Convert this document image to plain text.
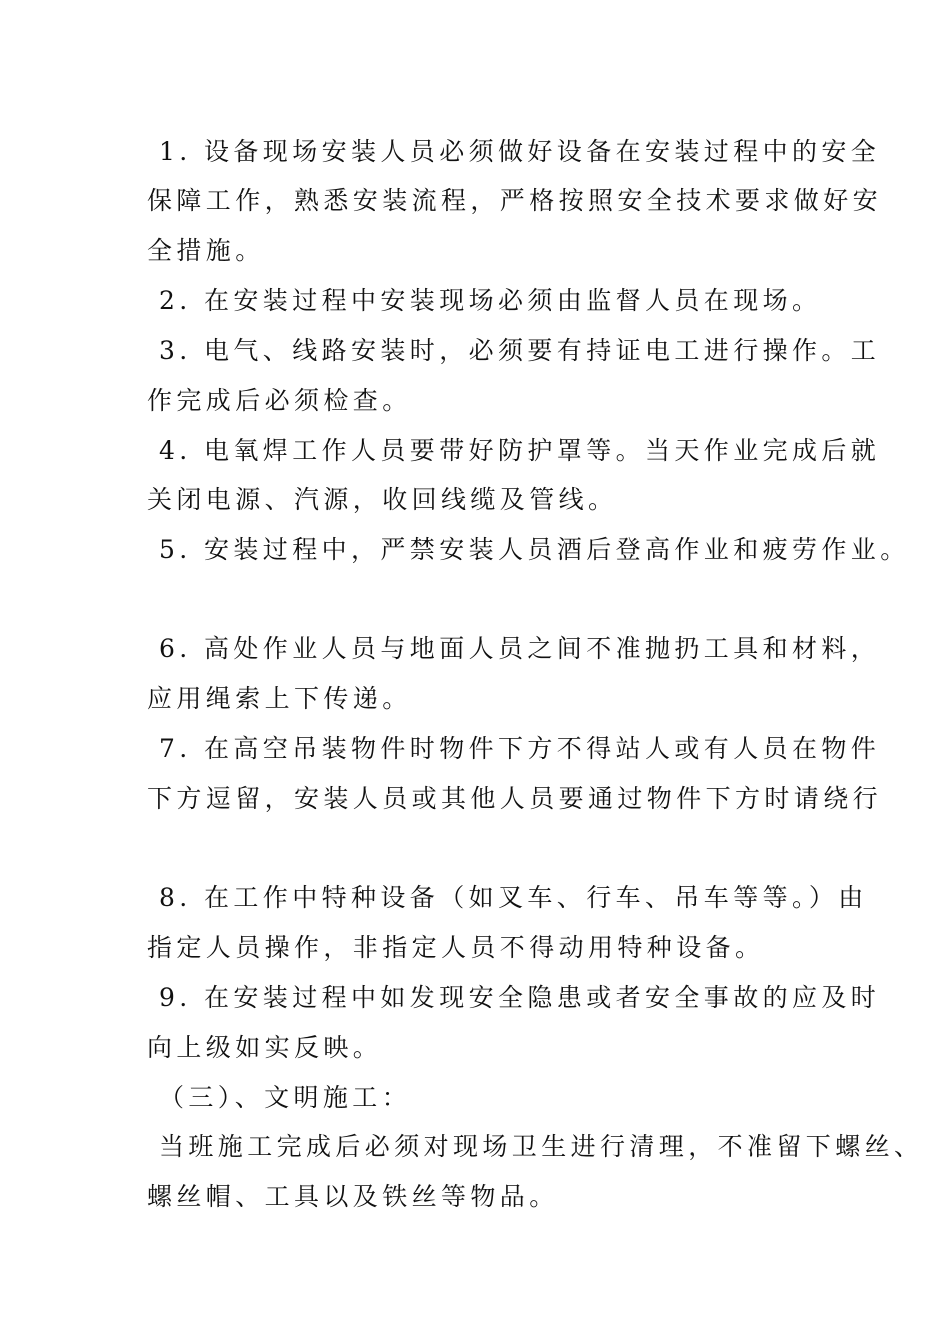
1. 设备现场安装人员必须做好设备在安装过程中的安全
保障工作，熟悉安装流程，严格按照安全技术要求做好安
全措施。
2. 在安装过程中安装现场必须由监督人员在现场。
3. 电气、线路安装时，必须要有持证电工进行操作。工
作完成后必须检查。
4. 电氧焊工作人员要带好防护罩等。当天作业完成后就
关闭电源、汽源，收回线缆及管线。
5. 安装过程中，严禁安装人员酒后登高作业和疲劳作业。
6. 高处作业人员与地面人员之间不准抛扔工具和材料，
应用绳索上下传递。
7. 在高空吊装物件时物件下方不得站人或有人员在物件
下方逗留，安装人员或其他人员要通过物件下方时请绕行
8. 在工作中特种设备（如叉车、行车、吊车等等。）由
指定人员操作，非指定人员不得动用特种设备。
9. 在安装过程中如发现安全隐患或者安全事故的应及时
向上级如实反映。
（三）、文明施工：
当班施工完成后必须对现场卫生进行清理，不准留下螺丝、
螺丝帽、工具以及铁丝等物品。
